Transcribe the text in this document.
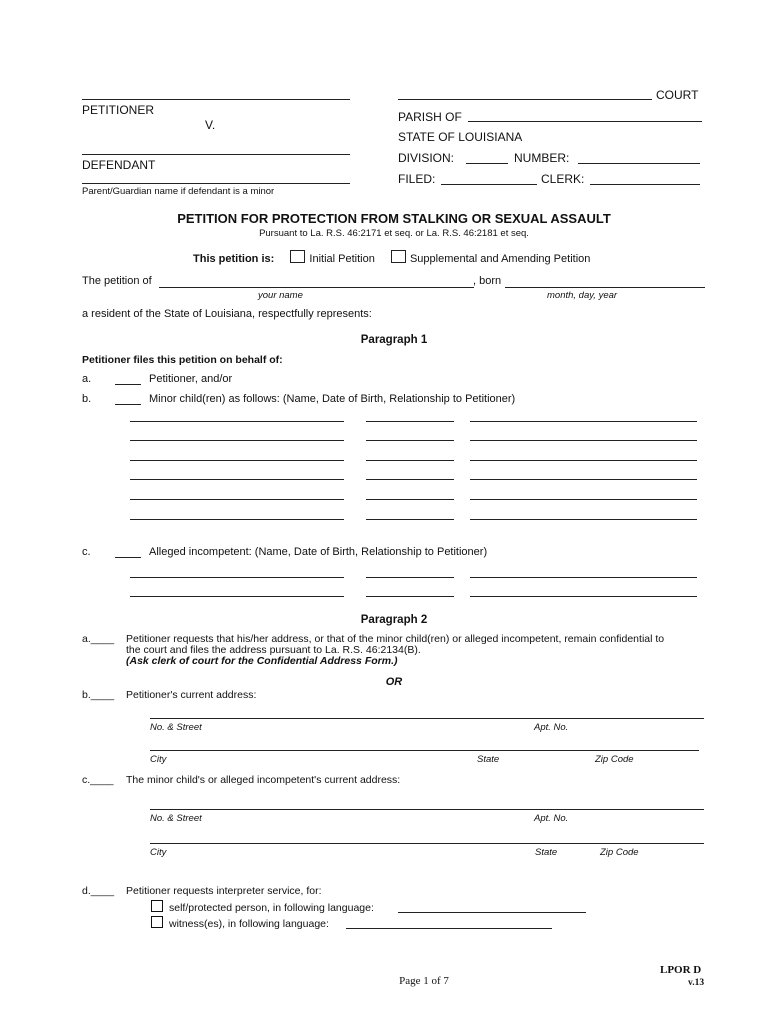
PETITIONER
V.
DEFENDANT
Parent/Guardian name if defendant is a minor
COURT
PARISH OF
STATE OF LOUISIANA
DIVISION:	NUMBER:
FILED:	CLERK:
PETITION FOR PROTECTION FROM STALKING OR SEXUAL ASSAULT
Pursuant to La. R.S. 46:2171 et seq. or La. R.S. 46:2181 et seq.
This petition is:	Initial Petition	Supplemental and Amending Petition
The petition of	, born
your name	month, day, year
a resident of the State of Louisiana, respectfully represents:
Paragraph 1
Petitioner files this petition on behalf of:
a.	Petitioner, and/or
b.	Minor child(ren) as follows: (Name, Date of Birth, Relationship to Petitioner)
c.	Alleged incompetent: (Name, Date of Birth, Relationship to Petitioner)
Paragraph 2
a.____ Petitioner requests that his/her address, or that of the minor child(ren) or alleged incompetent, remain confidential to
the court and files the address pursuant to La. R.S. 46:2134(B).
(Ask clerk of court for the Confidential Address Form.)
OR
b.____ Petitioner's current address:
No. & Street	Apt. No.
City	State	Zip Code
c.____ The minor child's or alleged incompetent's current address:
No. & Street	Apt. No.
City	State	Zip Code
d.____ Petitioner requests interpreter service, for:
self/protected person, in following language:
witness(es), in following language:
Page 1 of 7
LPOR D
v.13
